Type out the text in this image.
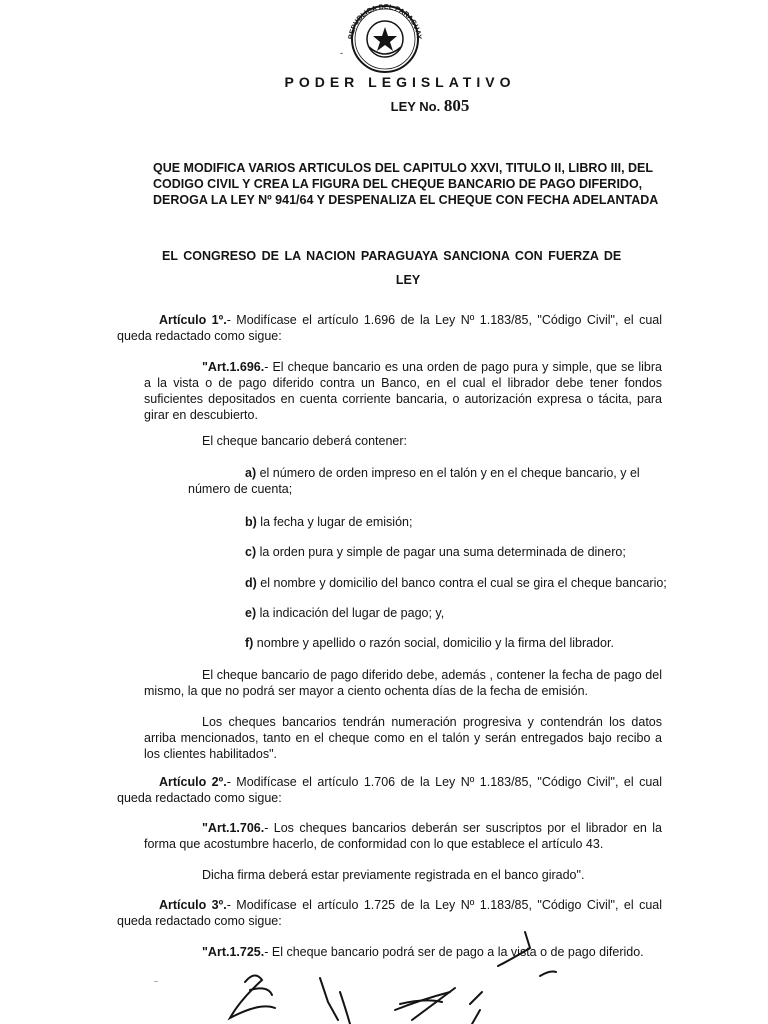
REPUBLICA DEL PARAGUAY
-
PODER LEGISLATIVO
LEY No. 805
QUE MODIFICA VARIOS ARTICULOS DEL CAPITULO XXVI, TITULO II, LIBRO III, DEL CODIGO CIVIL Y CREA LA FIGURA DEL CHEQUE BANCARIO DE PAGO DIFERIDO, DEROGA LA LEY Nº 941/64 Y DESPENALIZA EL CHEQUE CON FECHA ADELANTADA
EL CONGRESO DE LA NACION PARAGUAYA SANCIONA CON FUERZA DE
LEY
Artículo 1º.- Modifícase el artículo 1.696 de la Ley Nº 1.183/85, "Código Civil", el cual queda redactado como sigue:
"Art.1.696.- El cheque bancario es una orden de pago pura y simple, que se libra a la vista o de pago diferido contra un Banco, en el cual el librador debe tener fondos suficientes depositados en cuenta corriente bancaria, o autorización expresa o tácita, para girar en descubierto.
El cheque bancario deberá contener:
a) el número de orden impreso en el talón y en el cheque bancario, y el número de cuenta;
b) la fecha y lugar de emisión;
c) la orden pura y simple de pagar una suma determinada de dinero;
d) el nombre y domicilio del banco contra el cual se gira el cheque bancario;
e) la indicación del lugar de pago; y,
f) nombre y apellido o razón social, domicilio y la firma del librador.
El cheque bancario de pago diferido debe, además , contener la fecha de pago del mismo, la que no podrá ser mayor a ciento ochenta días de la fecha de emisión.
Los cheques bancarios tendrán numeración progresiva y contendrán los datos arriba mencionados, tanto en el cheque como en el talón y serán entregados bajo recibo a los clientes habilitados".
Artículo 2º.- Modifícase el artículo 1.706 de la Ley Nº 1.183/85, "Código Civil", el cual queda redactado como sigue:
"Art.1.706.- Los cheques bancarios deberán ser suscriptos por el librador en la forma que acostumbre hacerlo, de conformidad con lo que establece el artículo 43.
Dicha firma deberá estar previamente registrada en el banco girado".
Artículo 3º.- Modifícase el artículo 1.725 de la Ley Nº 1.183/85, "Código Civil", el cual queda redactado como sigue:
"Art.1.725.- El cheque bancario podrá ser de pago a la vista o de pago diferido.
~
